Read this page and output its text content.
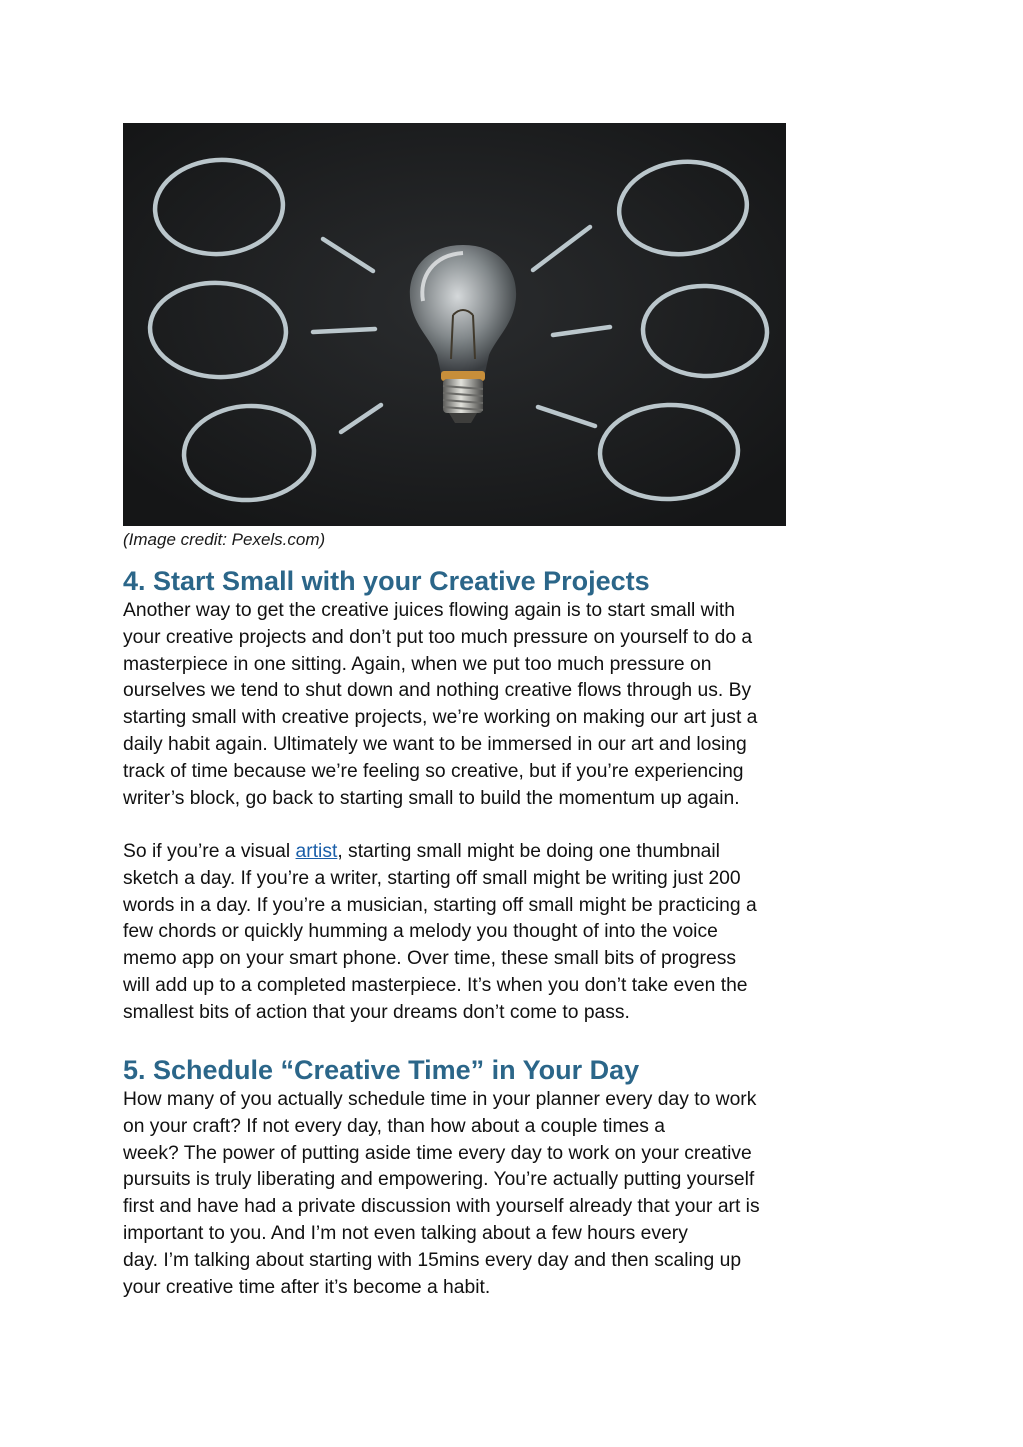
(Image credit: Pexels.com)
4. Start Small with your Creative Projects

Another way to get the creative juices flowing again is to start small with
your creative projects and don’t put too much pressure on yourself to do a
masterpiece in one sitting. Again, when we put too much pressure on
ourselves we tend to shut down and nothing creative flows through us. By
starting small with creative projects, we’re working on making our art just a
daily habit again. Ultimately we want to be immersed in our art and losing
track of time because we’re feeling so creative, but if you’re experiencing
writer’s block, go back to starting small to build the momentum up again.

So if you’re a visual artist, starting small might be doing one thumbnail
sketch a day. If you’re a writer, starting off small might be writing just 200
words in a day. If you’re a musician, starting off small might be practicing a
few chords or quickly humming a melody you thought of into the voice
memo app on your smart phone. Over time, these small bits of progress
will add up to a completed masterpiece. It’s when you don’t take even the
smallest bits of action that your dreams don’t come to pass.

5. Schedule “Creative Time” in Your Day

How many of you actually schedule time in your planner every day to work
on your craft? If not every day, than how about a couple times a
week? The power of putting aside time every day to work on your creative
pursuits is truly liberating and empowering. You’re actually putting yourself
first and have had a private discussion with yourself already that your art is
important to you. And I’m not even talking about a few hours every
day. I’m talking about starting with 15mins every day and then scaling up
your creative time after it’s become a habit.
